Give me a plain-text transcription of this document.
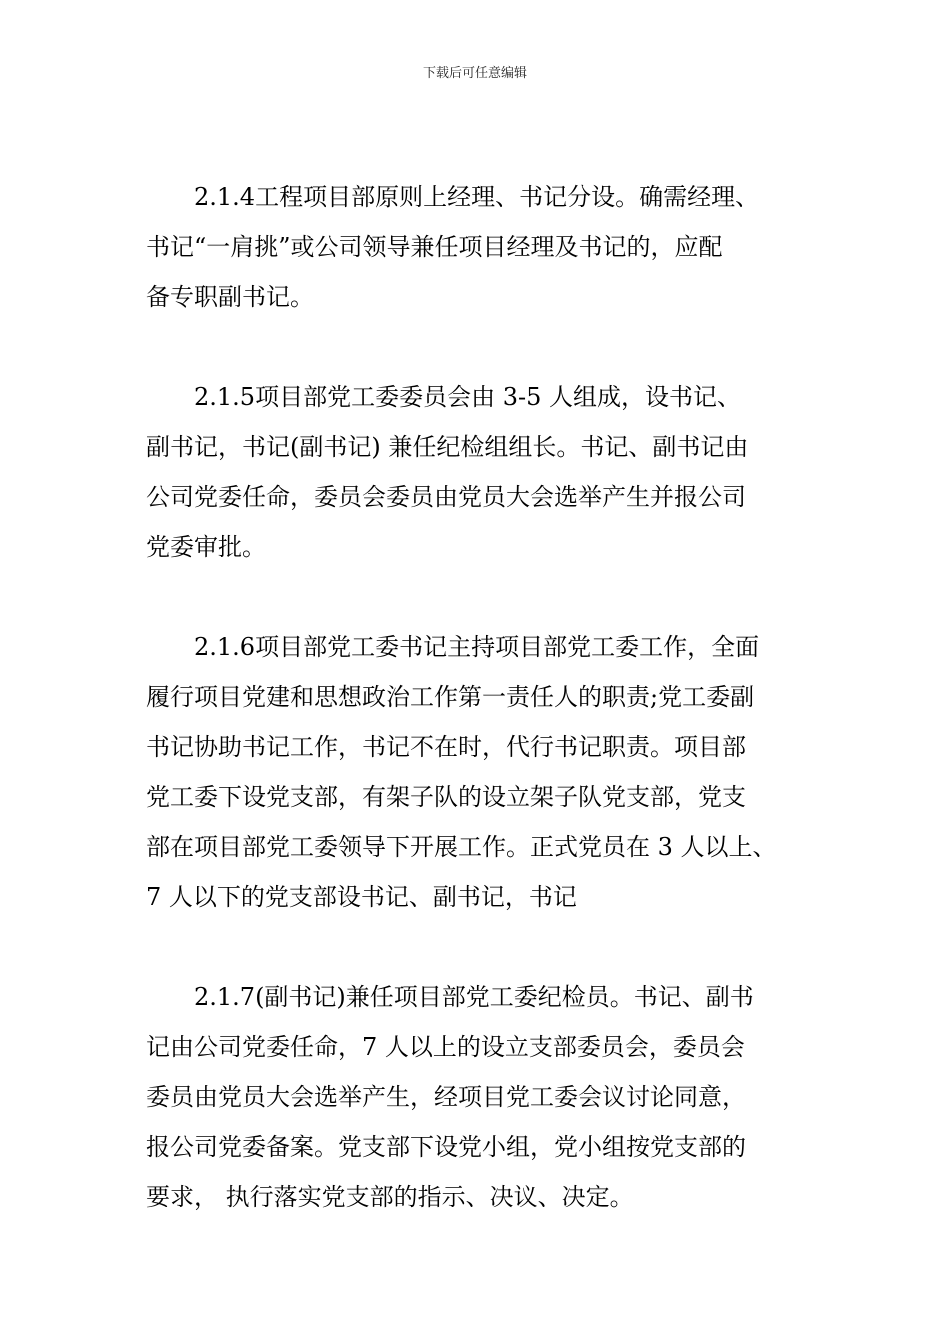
下载后可任意编辑

2.1.4工程项目部原则上经理、书记分设。确需经理、
书记“一肩挑”或公司领导兼任项目经理及书记的，应配
备专职副书记。

2.1.5项目部党工委委员会由 3-5 人组成，设书记、
副书记，书记(副书记) 兼任纪检组组长。书记、副书记由
公司党委任命，委员会委员由党员大会选举产生并报公司
党委审批。

2.1.6项目部党工委书记主持项目部党工委工作，全面
履行项目党建和思想政治工作第一责任人的职责;党工委副
书记协助书记工作，书记不在时，代行书记职责。项目部
党工委下设党支部，有架子队的设立架子队党支部，党支
部在项目部党工委领导下开展工作。正式党员在 3 人以上、
7 人以下的党支部设书记、副书记，书记

2.1.7(副书记)兼任项目部党工委纪检员。书记、副书
记由公司党委任命，7 人以上的设立支部委员会，委员会
委员由党员大会选举产生，经项目党工委会议讨论同意，
报公司党委备案。党支部下设党小组，党小组按党支部的
要求， 执行落实党支部的指示、决议、决定。
